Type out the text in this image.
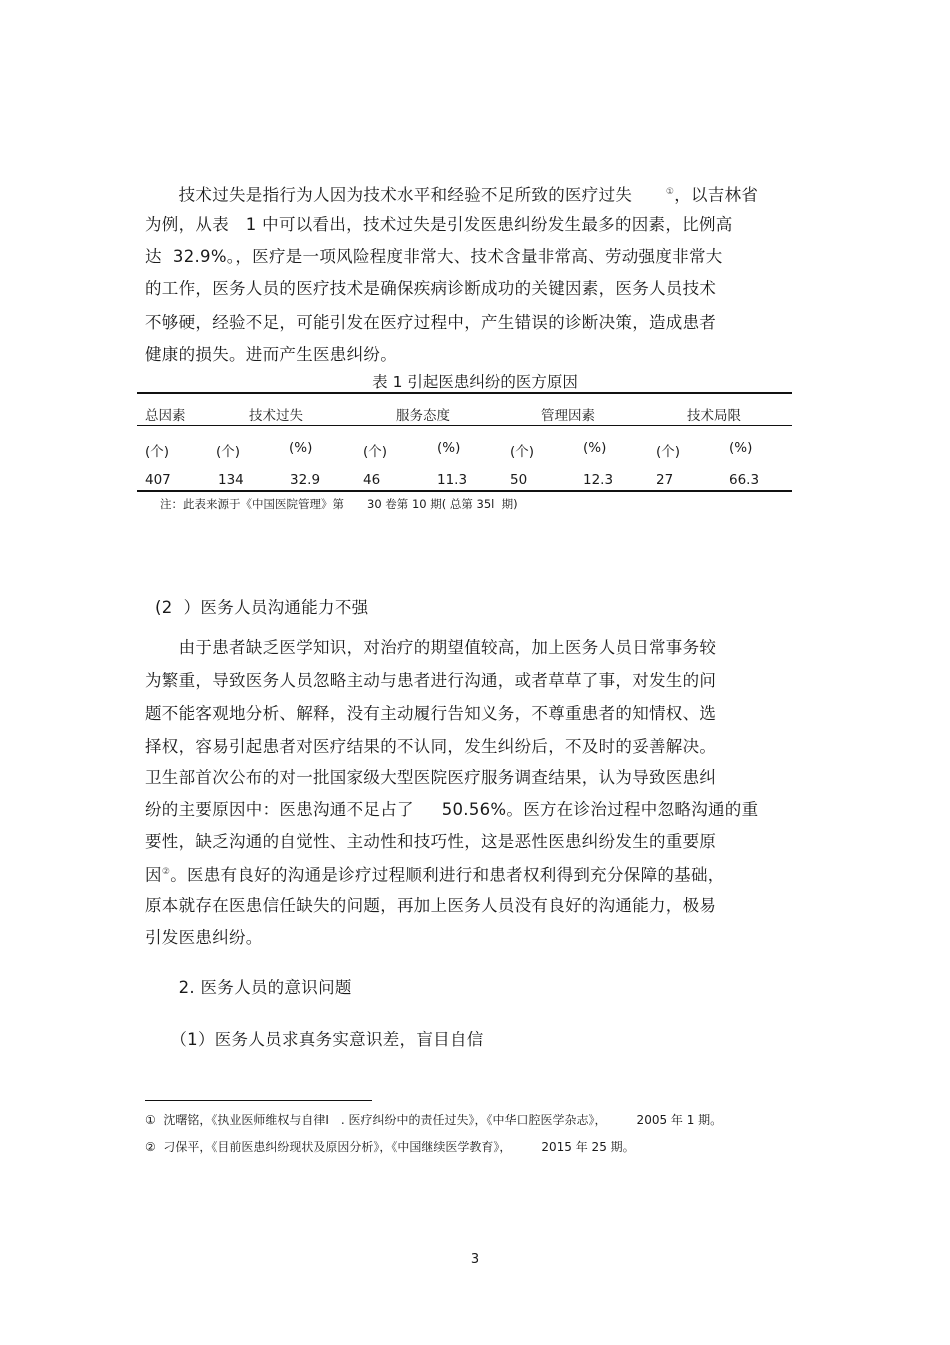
　　技术过失是指行为人因为技术水平和经验不足所致的医疗过失　　	①，以吉林省
为例，从表　1 中可以看出，技术过失是引发医患纠纷发生最多的因素，比例高
达  32.9%。，医疗是一项风险程度非常大、技术含量非常高、劳动强度非常大
的工作，医务人员的医疗技术是确保疾病诊断成功的关键因素，医务人员技术
不够硬，经验不足，可能引发在医疗过程中，产生错误的诊断决策，造成患者
健康的损失。进而产生医患纠纷。
表 1 引起医患纠纷的医方原因
总因素	技术过失	服务态度	管理因素	技术局限
(个)	(个)	(%)	(个)	(%)	(个)	(%)	(个)	(%)
407	134	32.9	46	11.3	50	12.3	27	66.3
注：此表来源于《中国医院管理》第　　30 卷第 10 期( 总第 35l  期)
(2  ）医务人员沟通能力不强
　　由于患者缺乏医学知识，对治疗的期望值较高，加上医务人员日常事务较
为繁重，导致医务人员忽略主动与患者进行沟通，或者草草了事，对发生的问
题不能客观地分析、解释，没有主动履行告知义务，不尊重患者的知情权、选
择权，容易引起患者对医疗结果的不认同，发生纠纷后，不及时的妥善解决。
卫生部首次公布的对一批国家级大型医院医疗服务调查结果，认为导致医患纠
纷的主要原因中：医患沟通不足占了　  50.56%。医方在诊治过程中忽略沟通的重
要性，缺乏沟通的自觉性、主动性和技巧性，这是恶性医患纠纷发生的重要原
因②。医患有良好的沟通是诊疗过程顺利进行和患者权利得到充分保障的基础，
原本就存在医患信任缺失的问题，再加上医务人员没有良好的沟通能力，极易
引发医患纠纷。
　　2. 医务人员的意识问题
　　（1）医务人员求真务实意识差，盲目自信
①  沈曙铭，《执业医师维权与自律Ⅰ　. 医疗纠纷中的责任过失》，《中华口腔医学杂志》，　　　2005 年 1 期。
②  刁保平，《目前医患纠纷现状及原因分析》，《中国继续医学教育》，　　　2015 年 25 期。
3
